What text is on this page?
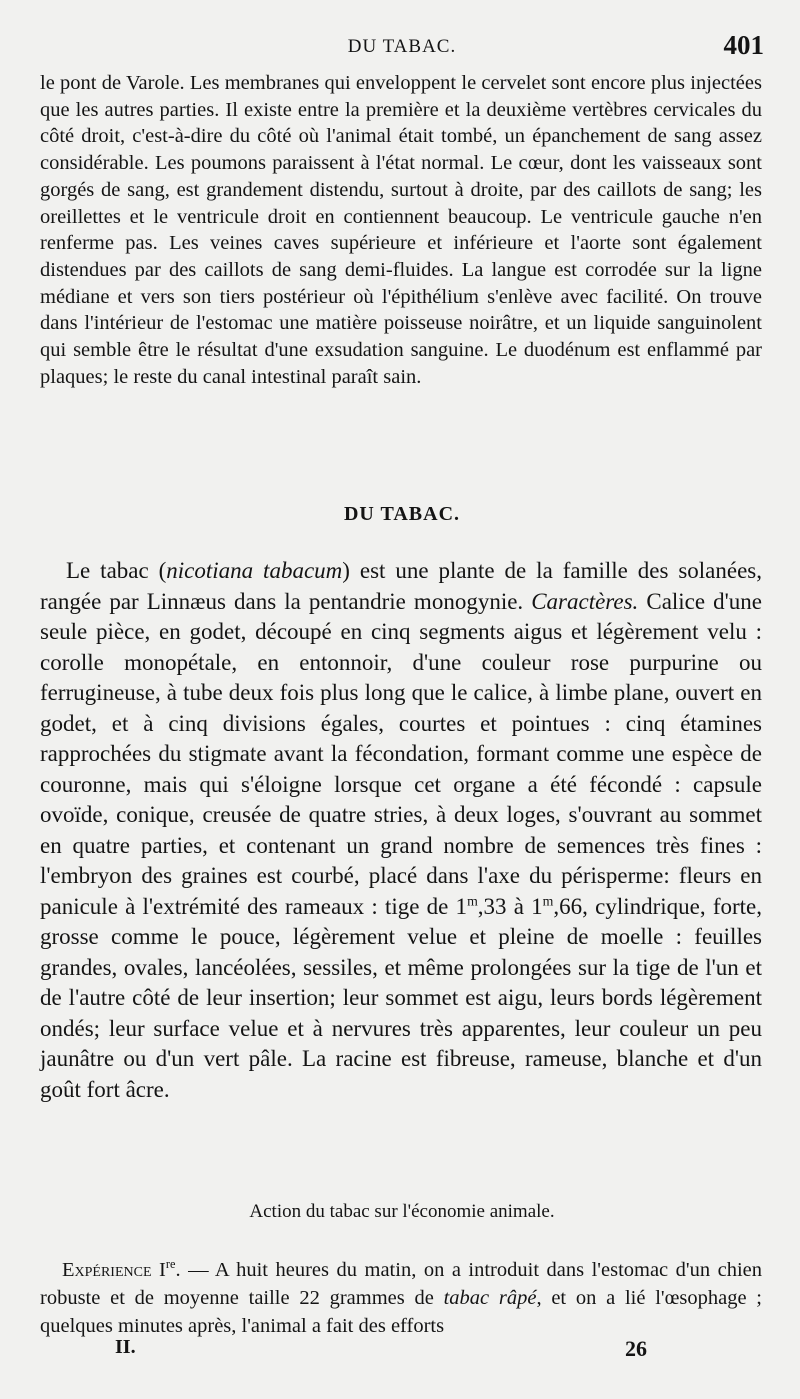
DU TABAC.	401
le pont de Varole. Les membranes qui enveloppent le cervelet sont encore plus injectées que les autres parties. Il existe entre la première et la deuxième vertèbres cervicales du côté droit, c'est-à-dire du côté où l'animal était tombé, un épanchement de sang assez considérable. Les poumons paraissent à l'état normal. Le cœur, dont les vaisseaux sont gorgés de sang, est grandement distendu, surtout à droite, par des caillots de sang; les oreillettes et le ventricule droit en contiennent beaucoup. Le ventricule gauche n'en renferme pas. Les veines caves supérieure et inférieure et l'aorte sont également distendues par des caillots de sang demi-fluides. La langue est corrodée sur la ligne médiane et vers son tiers postérieur où l'épithélium s'enlève avec facilité. On trouve dans l'intérieur de l'estomac une matière poisseuse noirâtre, et un liquide sanguinolent qui semble être le résultat d'une exsudation sanguine. Le duodénum est enflammé par plaques; le reste du canal intestinal paraît sain.
DU TABAC.
Le tabac (nicotiana tabacum) est une plante de la famille des solanées, rangée par Linnæus dans la pentandrie monogynie. Caractères. Calice d'une seule pièce, en godet, découpé en cinq segments aigus et légèrement velu : corolle monopétale, en entonnoir, d'une couleur rose purpurine ou ferrugineuse, à tube deux fois plus long que le calice, à limbe plane, ouvert en godet, et à cinq divisions égales, courtes et pointues : cinq étamines rapprochées du stigmate avant la fécondation, formant comme une espèce de couronne, mais qui s'éloigne lorsque cet organe a été fécondé : capsule ovoïde, conique, creusée de quatre stries, à deux loges, s'ouvrant au sommet en quatre parties, et contenant un grand nombre de semences très fines : l'embryon des graines est courbé, placé dans l'axe du périsperme: fleurs en panicule à l'extrémité des rameaux : tige de 1$^m$,33 à 1$^m$,66, cylindrique, forte, grosse comme le pouce, légèrement velue et pleine de moelle : feuilles grandes, ovales, lancéolées, sessiles, et même prolongées sur la tige de l'un et de l'autre côté de leur insertion; leur sommet est aigu, leurs bords légèrement ondés; leur surface velue et à nervures très apparentes, leur couleur un peu jaunâtre ou d'un vert pâle. La racine est fibreuse, rameuse, blanche et d'un goût fort âcre.
Action du tabac sur l'économie animale.
Expérience Ire. — A huit heures du matin, on a introduit dans l'estomac d'un chien robuste et de moyenne taille 22 grammes de tabac râpé, et on a lié l'œsophage ; quelques minutes après, l'animal a fait des efforts
II.	26
